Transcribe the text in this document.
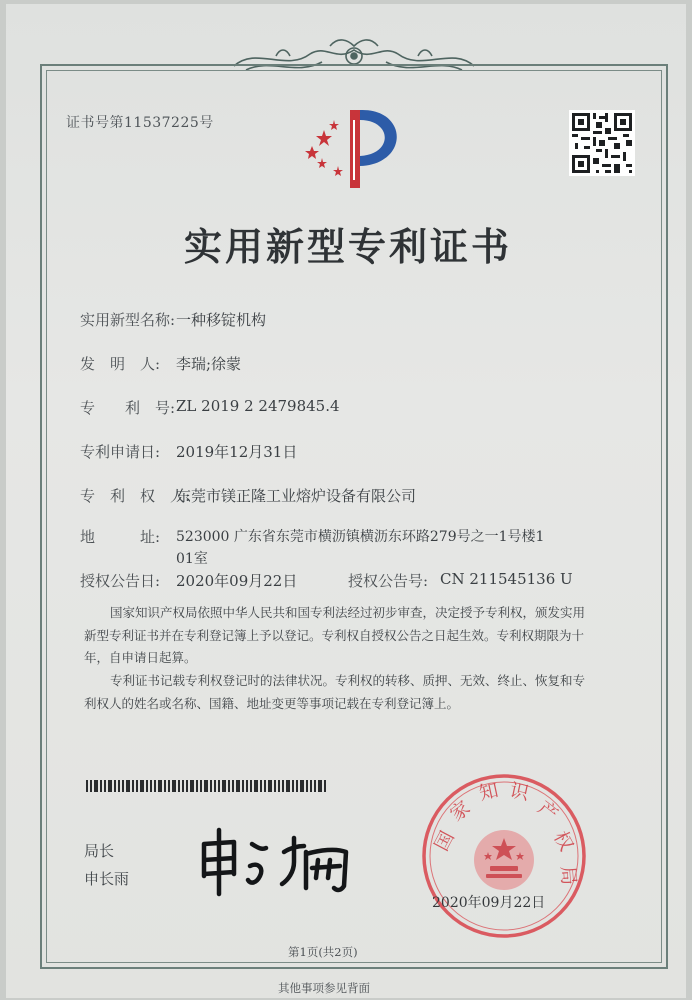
证书号第11537225号
实用新型专利证书
实用新型名称: 一种移锭机构
发　明　人: 李瑞;徐蒙
专　　利　号: ZL 2019 2 2479845.4
专利申请日: 2019年12月31日
专　利　权　人:
东莞市镁正隆工业熔炉设备有限公司
地　　　址: 523000 广东省东莞市横沥镇横沥东环路279号之一1号楼1
01室
授权公告日: 2020年09月22日	授权公告号: CN 211545136 U
国家知识产权局依照中华人民共和国专利法经过初步审查，决定授予专利权，颁发实用
新型专利证书并在专利登记簿上予以登记。专利权自授权公告之日起生效。专利权期限为十
年，自申请日起算。
专利证书记载专利权登记时的法律状况。专利权的转移、质押、无效、终止、恢复和专
利权人的姓名或名称、国籍、地址变更等事项记载在专利登记簿上。
局长
申长雨
国
家
知 识
产
权
局
2020年09月22日
第1页(共2页)
其他事项参见背面
